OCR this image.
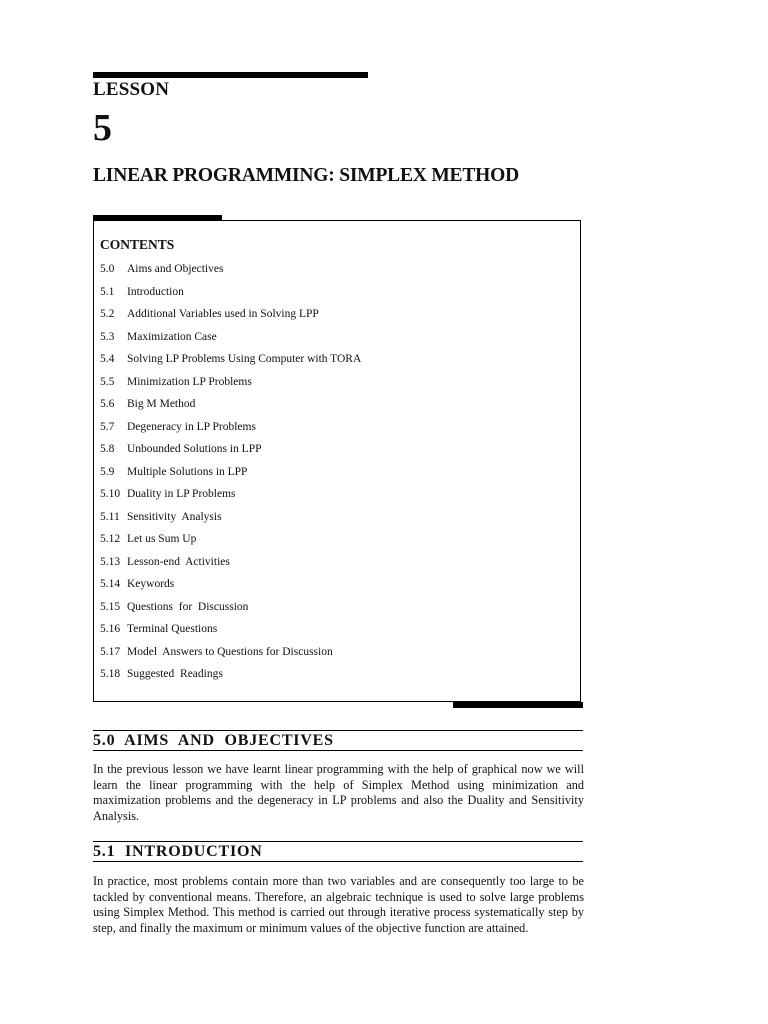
LESSON
5
LINEAR PROGRAMMING: SIMPLEX METHOD
CONTENTS
5.0	Aims and Objectives
5.1	Introduction
5.2	Additional Variables used in Solving LPP
5.3	Maximization Case
5.4	Solving LP Problems Using Computer with TORA
5.5	Minimization LP Problems
5.6	Big M Method
5.7	Degeneracy in LP Problems
5.8	Unbounded Solutions in LPP
5.9	Multiple Solutions in LPP
5.10 Duality in LP Problems
5.11 Sensitivity  Analysis
5.12 Let us Sum Up
5.13 Lesson-end  Activities
5.14 Keywords
5.15 Questions  for  Discussion
5.16 Terminal Questions
5.17 Model  Answers to Questions for Discussion
5.18 Suggested  Readings
5.0  AIMS  AND  OBJECTIVES

In the previous lesson we have learnt linear programming with the help of graphical now we will learn the linear programming with the help of Simplex Method using minimization and maximization problems and the degeneracy in LP problems and also the Duality and Sensitivity Analysis.

5.1  INTRODUCTION

In practice, most problems contain more than two variables and are consequently too large to be tackled by conventional means. Therefore, an algebraic technique is used to solve large problems using Simplex Method. This method is carried out through iterative process systematically step by step, and finally the maximum or minimum values of the objective function are attained.
